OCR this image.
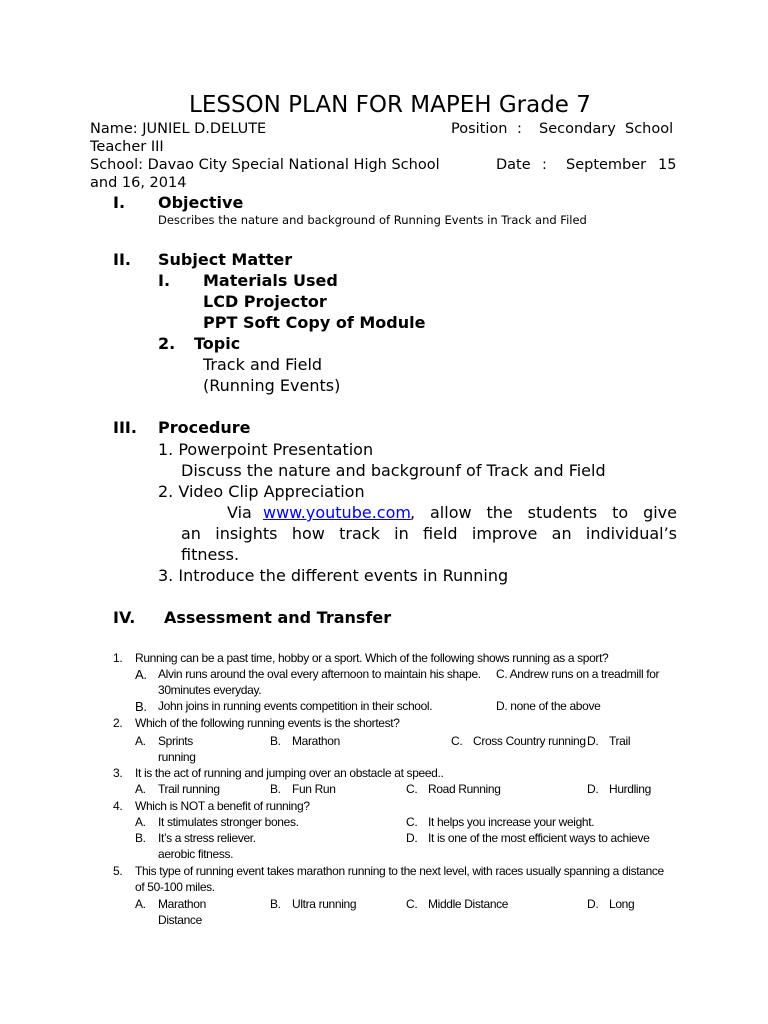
LESSON PLAN FOR MAPEH Grade 7
Name: JUNIEL D.DELUTE	Position : Secondary School
Teacher III
School: Davao City Special National High School	Date : September 15
and 16, 2014
I. Objective
Describes the nature and background of Running Events in Track and Filed
II. Subject Matter
I. Materials Used
LCD Projector
PPT Soft Copy of Module
2. Topic
Track and Field
(Running Events)
III. Procedure
1. Powerpoint Presentation
Discuss the nature and backgrounf of Track and Field
2. Video Clip Appreciation
Via www.youtube.com , allow the students to give
an insights how track in field improve an individual’s
fitness.
3. Introduce the different events in Running
IV. Assessment and Transfer
1. Running can be a past time, hobby or a sport. Which of the following shows running as a sport?
A. Alvin runs around the oval every afternoon to maintain his shape. C. Andrew runs on a treadmill for
30minutes everyday.
B. John joins in running events competition in their school.	D. none of the above
2. Which of the following running events is the shortest?
A. Sprints	B. Marathon	C. Cross Country running D. Trail
running
3. It is the act of running and jumping over an obstacle at speed..
A. Trail running	B. Fun Run	C. Road Running	D. Hurdling
4. Which is NOT a benefit of running?
A. It stimulates stronger bones.	C. It helps you increase your weight.
B. It’s a stress reliever.	D. It is one of the most efficient ways to achieve
aerobic fitness.
5. This type of running event takes marathon running to the next level, with races usually spanning a distance
of 50-100 miles.
A. Marathon	B. Ultra running	C. Middle Distance	D. Long
Distance
